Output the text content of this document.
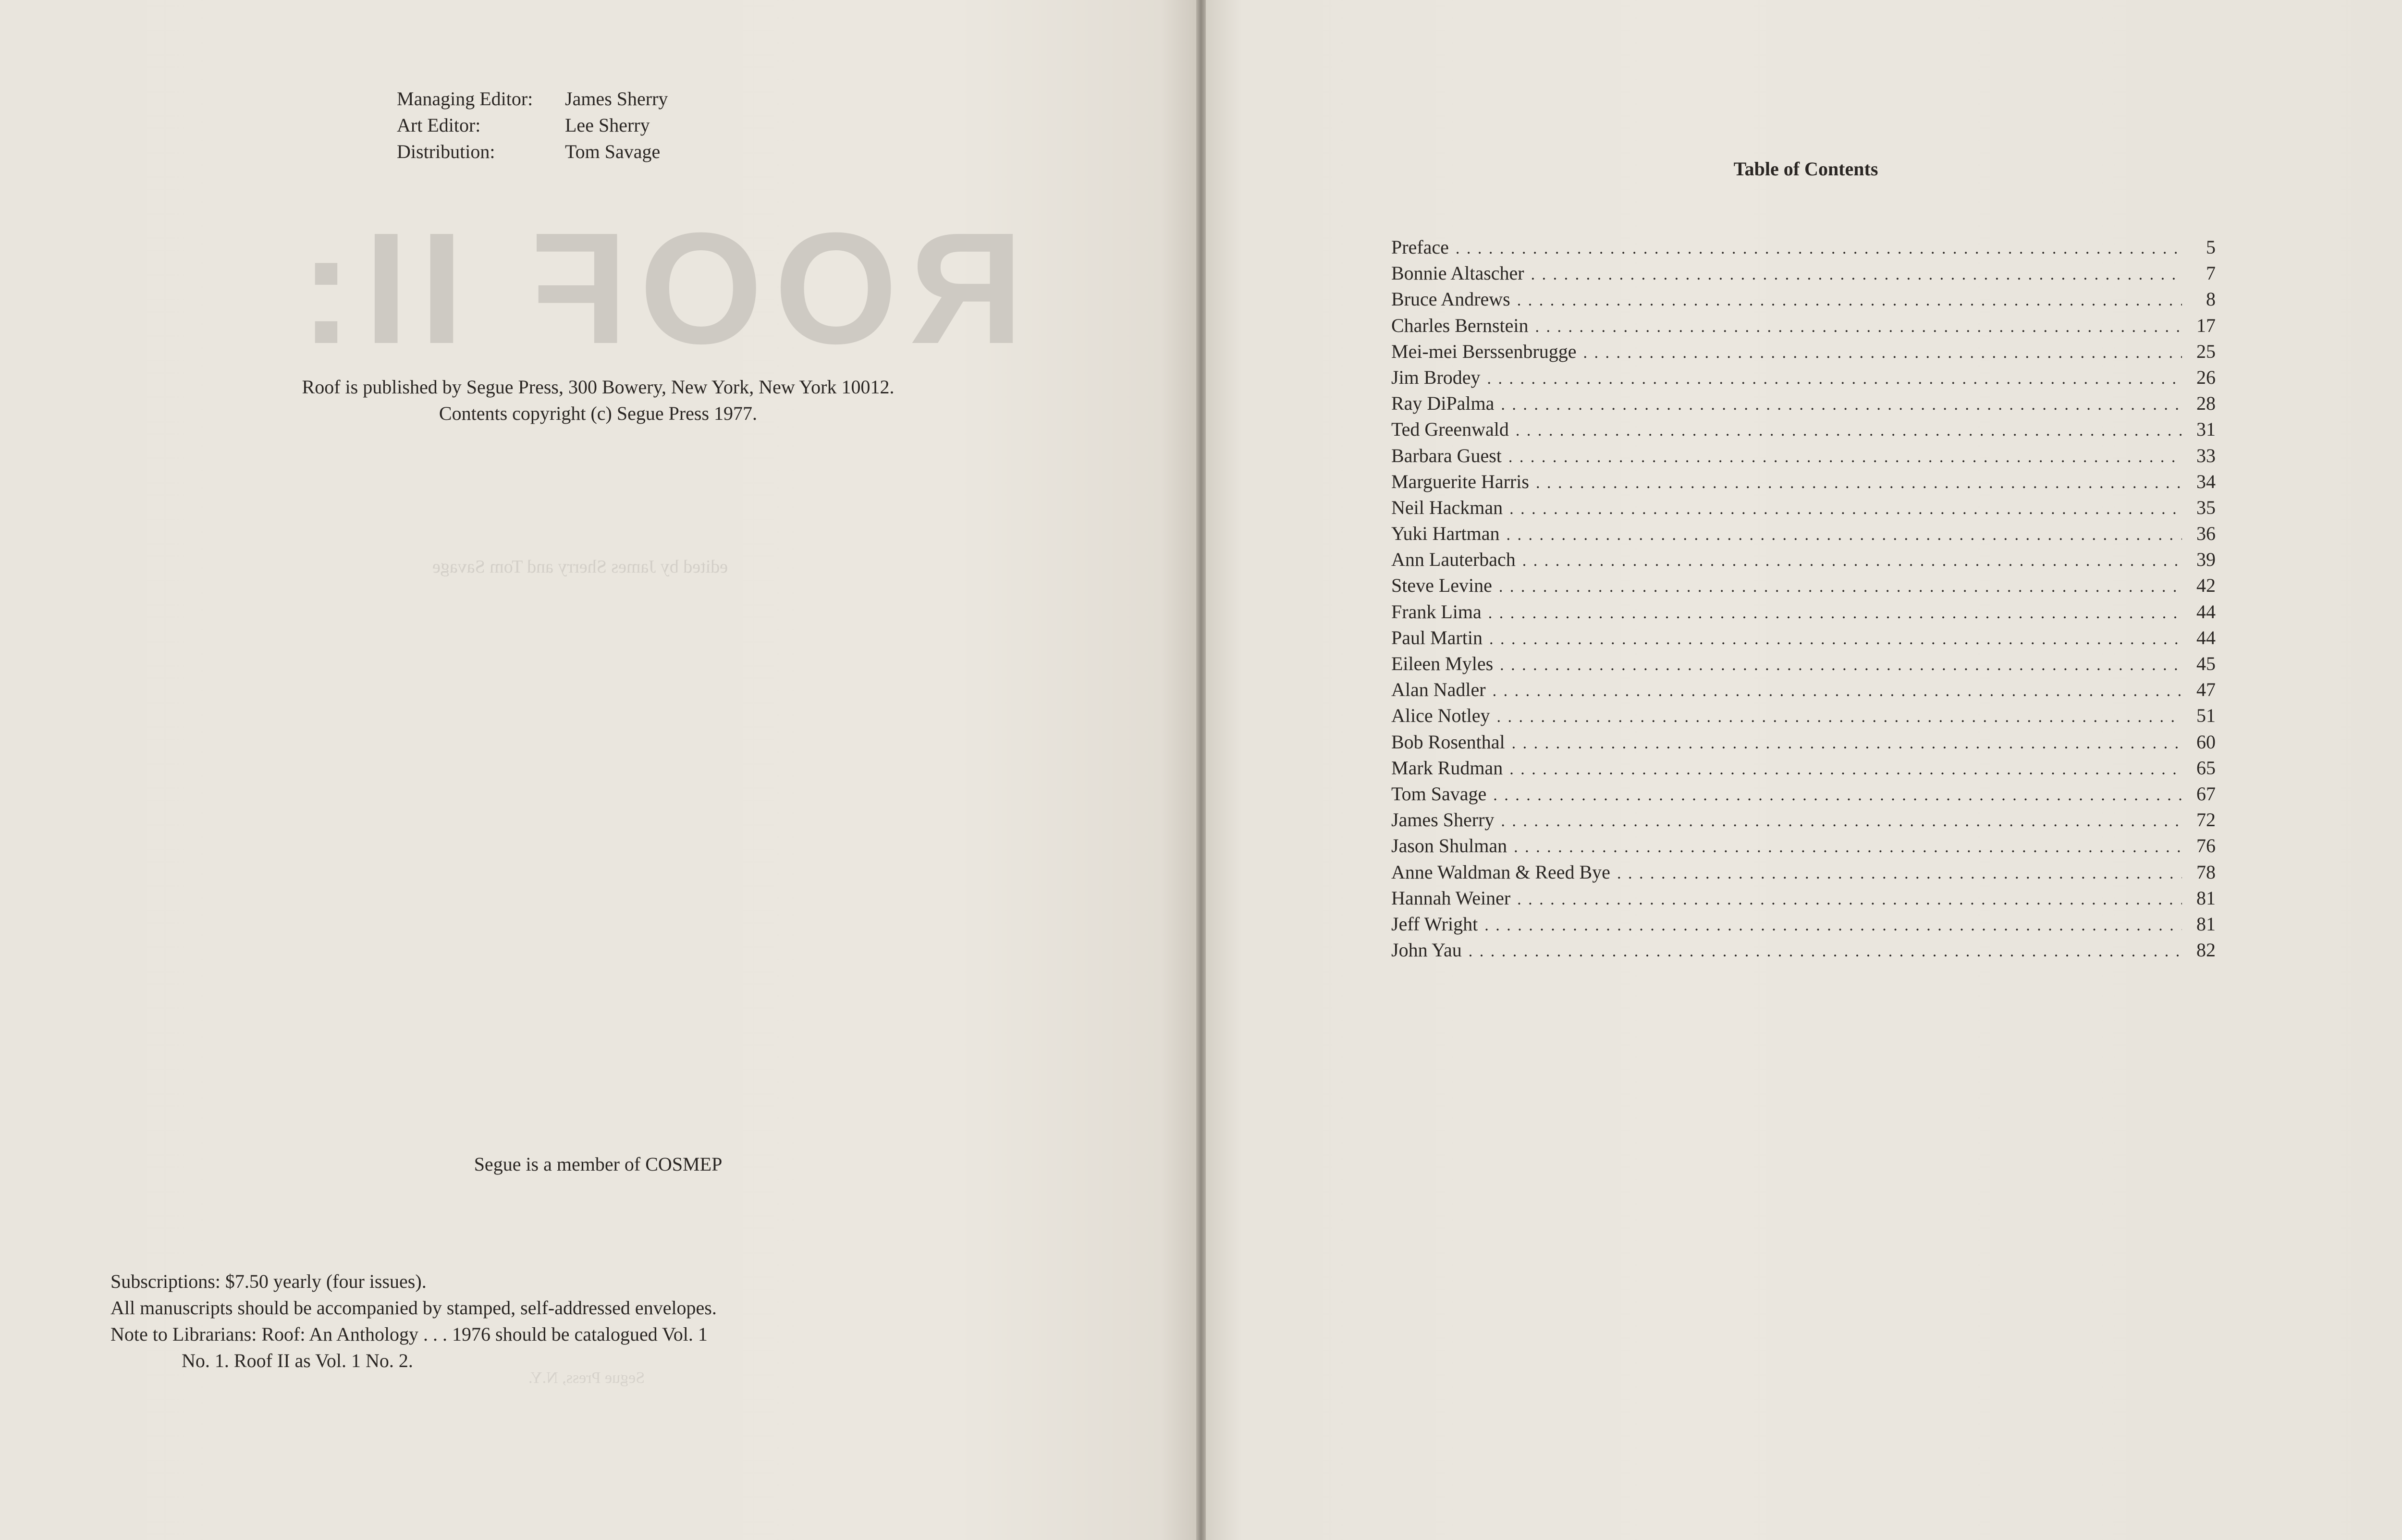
Managing Editor:	James Sherry
Art Editor:	Lee Sherry
Distribution:	Tom Savage
ROOF II:
Roof is published by Segue Press, 300 Bowery, New York, New York 10012.
Contents copyright (c) Segue Press 1977.
edited by James Sherry and Tom Savage
Segue is a member of COSMEP
Subscriptions: $7.50 yearly (four issues).
All manuscripts should be accompanied by stamped, self-addressed envelopes.
Note to Librarians: Roof: An Anthology . . . 1976 should be catalogued Vol. 1
No. 1. Roof II as Vol. 1 No. 2.
Segue Press, N.Y.
Table of Contents
Preface . . .	5
Bonnie Altascher . . .	7
Bruce Andrews . . .	8
Charles Bernstein . . .	17
Mei-mei Berssenbrugge . . .	25
Jim Brodey . . .	26
Ray DiPalma . . .	28
Ted Greenwald . . .	31
Barbara Guest . . .	33
Marguerite Harris . . .	34
Neil Hackman . . .	35
Yuki Hartman . . .	36
Ann Lauterbach . . .	39
Steve Levine . . .	42
Frank Lima . . .	44
Paul Martin . . .	44
Eileen Myles . . .	45
Alan Nadler . . .	47
Alice Notley . . .	51
Bob Rosenthal . . .	60
Mark Rudman . . .	65
Tom Savage . . .	67
James Sherry . . .	72
Jason Shulman . . .	76
Anne Waldman & Reed Bye . . .	78
Hannah Weiner . . .	81
Jeff Wright . . .	81
John Yau . . .	82
